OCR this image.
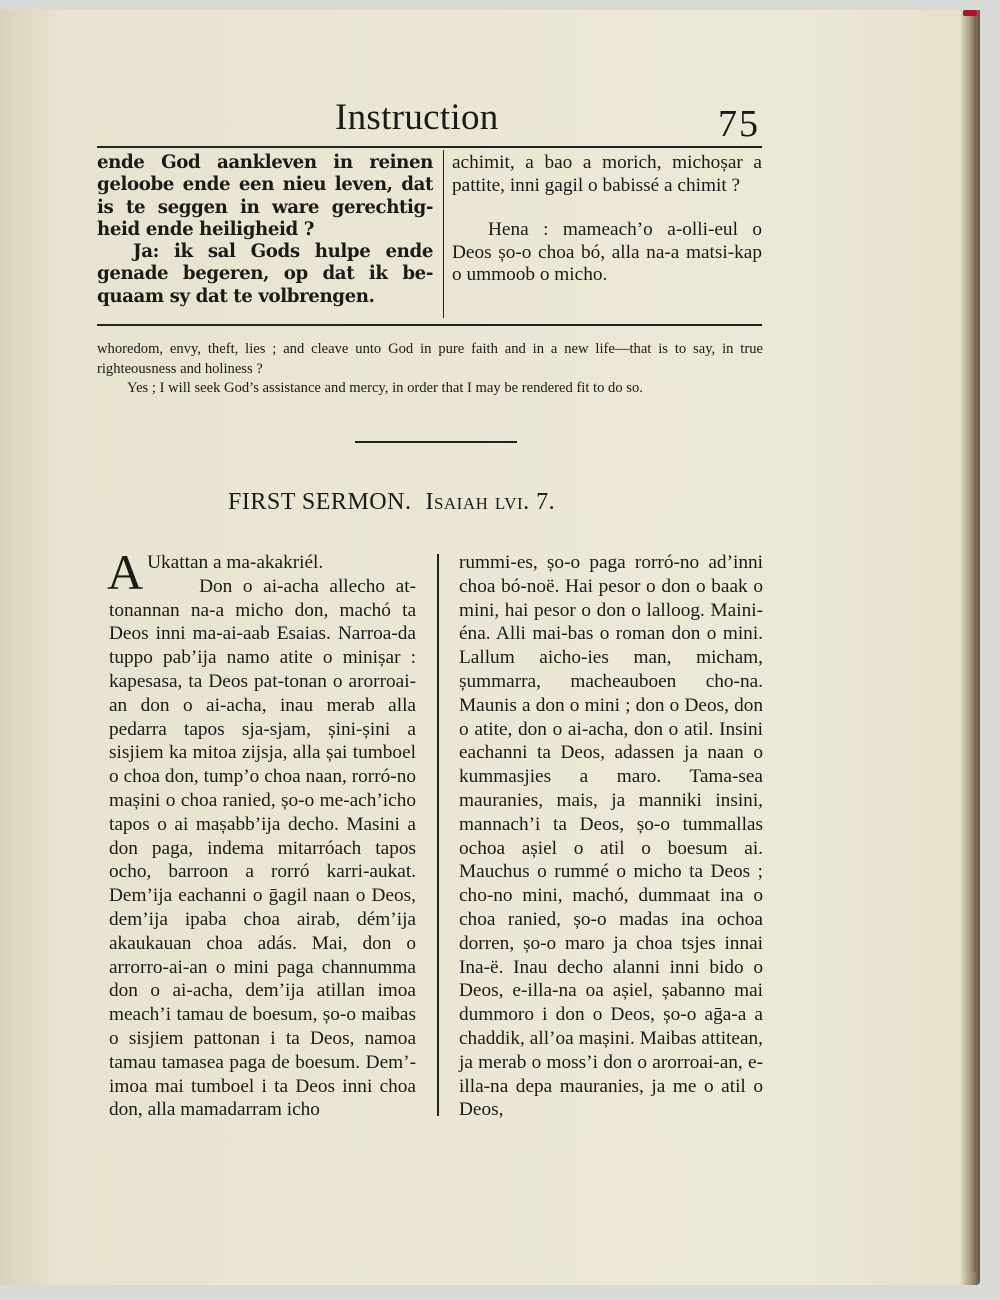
Instruction	75

ende God aankleven in reinen geloobe ende een nieu leven, dat is te seggen in ware gerechtig-heid ende heiligheid ?

Ja: ik sal Gods hulpe ende genade begeren, op dat ik be-quaam sy dat te volbrengen.

achimit, a bao a morich, michoșar a pattite, inni gagil o babissé a chimit ?

Hena : mameach’o a-olli-eul o Deos șo-o choa bó, alla na-a matsi-kap o ummoob o micho.

whoredom, envy, theft, lies ; and cleave unto God in pure faith and in a new life—that is to say, in true righteousness and holiness ?

Yes ; I will seek God’s assistance and mercy, in order that I may be rendered fit to do so.

FIRST SERMON. Isaiah lvi. 7.
A Ukattan a ma-akakriél.

Don o ai-acha allecho at-tonannan na-a micho don, machó ta Deos inni ma-ai-aab Esaias. Narroa-da tuppo pab’ija namo atite o minișar : kapesasa, ta Deos pat-tonan o arorroai-an don o ai-acha, inau merab alla pedarra tapos sja-sjam, șini-șini a sisjiem ka mitoa zijsja, alla șai tumboel o choa don, tump’o choa naan, rorró-no mașini o choa ranied, șo-o me-ach’icho tapos o ai mașabb’ija decho. Masini a don paga, indema mitarróach tapos ocho, barroon a rorró karri-aukat. Dem’ija eachanni o ḡagil naan o Deos, dem’ija ipaba choa airab, dém’ija akaukauan choa adás. Mai, don o arrorro-ai-an o mini paga channumma don o ai-acha, dem’ija atillan imoa meach’i tamau de boesum, șo-o maibas o sisjiem pattonan i ta Deos, namoa tamau tamasea paga de boesum. Dem’-imoa mai tumboel i ta Deos inni choa don, alla mamadarram icho

rummi-es, șo-o paga rorró-no ad’inni choa bó-noë. Hai pesor o don o baak o mini, hai pesor o don o lalloog. Maini-éna. Alli mai-bas o roman don o mini. Lallum aicho-ies man, micham, șummarra, macheauboen cho-na. Maunis a don o mini ; don o Deos, don o atite, don o ai-acha, don o atil. Insini eachanni ta Deos, adassen ja naan o kummasjies a maro. Tama-sea mauranies, mais, ja manniki insini, mannach’i ta Deos, șo-o tummallas ochoa așiel o atil o boesum ai. Mauchus o rummé o micho ta Deos ; cho-no mini, machó, dummaat ina o choa ranied, șo-o madas ina ochoa dorren, șo-o maro ja choa tsjes innai Ina-ë. Inau decho alanni inni bido o Deos, e-illa-na oa așiel, șabanno mai dummoro i don o Deos, șo-o aḡa-a a chaddik, all’oa mașini. Maibas attitean, ja merab o moss’i don o arorroai-an, e-illa-na depa mauranies, ja me o atil o Deos,
